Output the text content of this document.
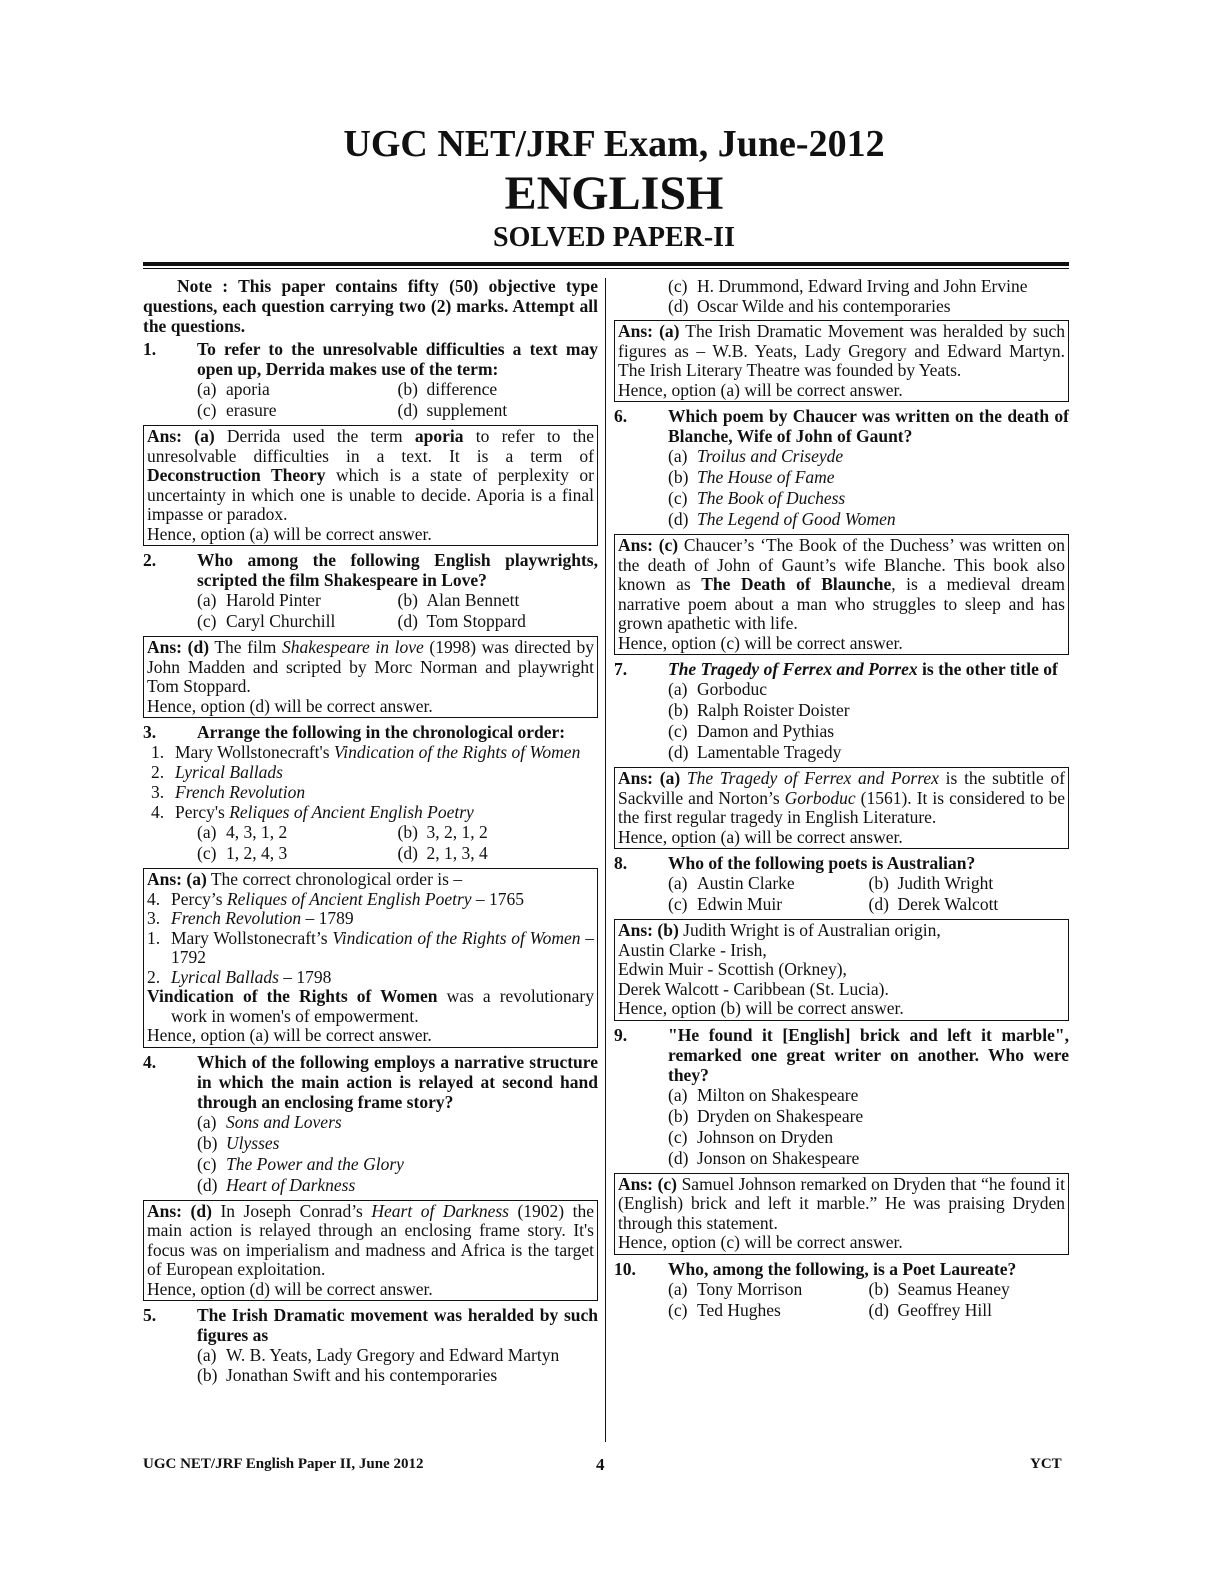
UGC NET/JRF Exam, June-2012
ENGLISH
SOLVED PAPER-II
Note : This paper contains fifty (50) objective type questions, each question carrying two (2) marks. Attempt all the questions.
1.	To refer to the unresolvable difficulties a text may open up, Derrida makes use of the term:
(a) aporia	(b) difference
(c) erasure	(d) supplement
Ans: (a) Derrida used the term aporia to refer to the unresolvable difficulties in a text. It is a term of Deconstruction Theory which is a state of perplexity or uncertainty in which one is unable to decide. Aporia is a final impasse or paradox.
Hence, option (a) will be correct answer.
2.	Who among the following English playwrights, scripted the film Shakespeare in Love?
(a) Harold Pinter	(b) Alan Bennett
(c) Caryl Churchill	(d) Tom Stoppard
Ans: (d) The film Shakespeare in love (1998) was directed by John Madden and scripted by Morc Norman and playwright Tom Stoppard.
Hence, option (d) will be correct answer.
3.	Arrange the following in the chronological order:
1. Mary Wollstonecraft's Vindication of the Rights of Women
2. Lyrical Ballads
3. French Revolution
4. Percy's Reliques of Ancient English Poetry
(a) 4, 3, 1, 2	(b) 3, 2, 1, 2
(c) 1, 2, 4, 3	(d) 2, 1, 3, 4
Ans: (a) The correct chronological order is –
4. Percy’s Reliques of Ancient English Poetry – 1765
3. French Revolution – 1789
1. Mary Wollstonecraft’s Vindication of the Rights of Women – 1792
2. Lyrical Ballads – 1798
Vindication of the Rights of Women was a revolutionary work in women's of empowerment.
Hence, option (a) will be correct answer.
4.	Which of the following employs a narrative structure in which the main action is relayed at second hand through an enclosing frame story?
(a) Sons and Lovers
(b) Ulysses
(c) The Power and the Glory
(d) Heart of Darkness
Ans: (d) In Joseph Conrad’s Heart of Darkness (1902) the main action is relayed through an enclosing frame story. It's focus was on imperialism and madness and Africa is the target of European exploitation.
Hence, option (d) will be correct answer.
5.	The Irish Dramatic movement was heralded by such figures as
(a) W. B. Yeats, Lady Gregory and Edward Martyn
(b) Jonathan Swift and his contemporaries
(c) H. Drummond, Edward Irving and John Ervine
(d) Oscar Wilde and his contemporaries
Ans: (a) The Irish Dramatic Movement was heralded by such figures as – W.B. Yeats, Lady Gregory and Edward Martyn. The Irish Literary Theatre was founded by Yeats.
Hence, option (a) will be correct answer.
6.	Which poem by Chaucer was written on the death of Blanche, Wife of John of Gaunt?
(a) Troilus and Criseyde
(b) The House of Fame
(c) The Book of Duchess
(d) The Legend of Good Women
Ans: (c) Chaucer’s ‘The Book of the Duchess’ was written on the death of John of Gaunt’s wife Blanche. This book also known as The Death of Blaunche, is a medieval dream narrative poem about a man who struggles to sleep and has grown apathetic with life.
Hence, option (c) will be correct answer.
7.	The Tragedy of Ferrex and Porrex is the other title of
(a) Gorboduc
(b) Ralph Roister Doister
(c) Damon and Pythias
(d) Lamentable Tragedy
Ans: (a) The Tragedy of Ferrex and Porrex is the subtitle of Sackville and Norton’s Gorboduc (1561). It is considered to be the first regular tragedy in English Literature.
Hence, option (a) will be correct answer.
8.	Who of the following poets is Australian?
(a) Austin Clarke	(b) Judith Wright
(c) Edwin Muir	(d) Derek Walcott
Ans: (b) Judith Wright is of Australian origin,
Austin Clarke - Irish,
Edwin Muir - Scottish (Orkney),
Derek Walcott - Caribbean (St. Lucia).
Hence, option (b) will be correct answer.
9.	"He found it [English] brick and left it marble", remarked one great writer on another. Who were they?
(a) Milton on Shakespeare
(b) Dryden on Shakespeare
(c) Johnson on Dryden
(d) Jonson on Shakespeare
Ans: (c) Samuel Johnson remarked on Dryden that “he found it (English) brick and left it marble.” He was praising Dryden through this statement.
Hence, option (c) will be correct answer.
10.	Who, among the following, is a Poet Laureate?
(a) Tony Morrison	(b) Seamus Heaney
(c) Ted Hughes	(d) Geoffrey Hill
UGC NET/JRF English Paper II, June 2012	4	YCT
